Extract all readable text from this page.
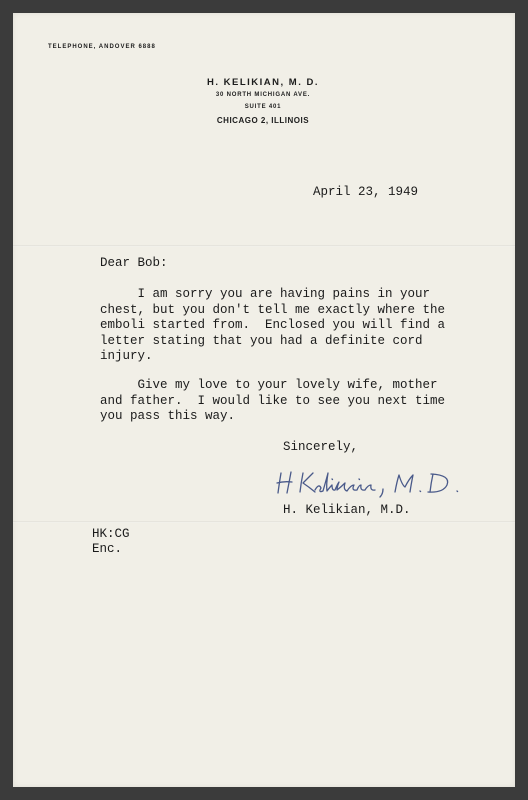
TELEPHONE, ANDOVER 6888
H. KELIKIAN, M. D.
30 NORTH MICHIGAN AVE.
SUITE 401
CHICAGO 2, ILLINOIS
April 23, 1949
Dear Bob:
I am sorry you are having pains in your
chest, but you don't tell me exactly where the
emboli started from.  Enclosed you will find a
letter stating that you had a definite cord
injury.
Give my love to your lovely wife, mother
and father.  I would like to see you next time
you pass this way.
Sincerely,
H. Kelikian, M.D.
HK:CG
Enc.
